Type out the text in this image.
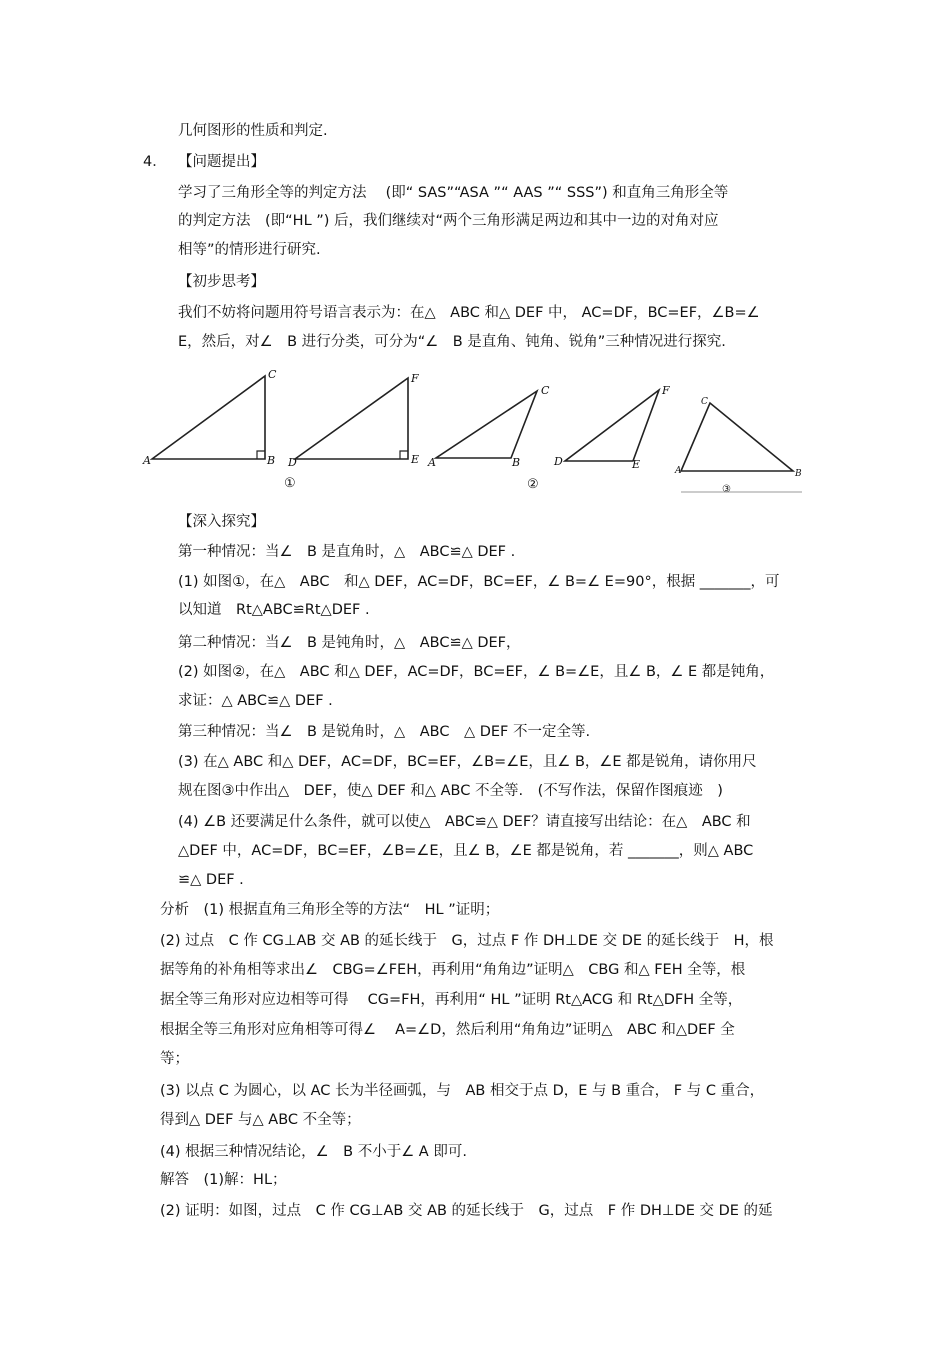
几何图形的性质和判定.
4． 【问题提出】
学习了三角形全等的判定方法　 (即“ SAS”“ASA ”“ AAS ”“ SSS”) 和直角三角形全等
的判定方法　(即“HL ”) 后，我们继续对“两个三角形满足两边和其中一边的对角对应
相等”的情形进行研究.
【初步思考】
我们不妨将问题用符号语言表示为：在△　ABC 和△ DEF 中， AC=DF，BC=EF，∠B=∠
E，然后，对∠　B 进行分类，可分为“∠　B 是直角、钝角、锐角”三种情况进行探究.
A	B
C
D	E
F
A	B
C
D	E
F
A	B
C
①	②	③
【深入探究】
第一种情况：当∠　B 是直角时，△　ABC≌△ DEF .
(1) 如图①，在△　ABC　和△ DEF，AC=DF，BC=EF，∠ B=∠ E=90°，根据 _______，可
以知道　Rt△ABC≌Rt△DEF .
第二种情况：当∠　B 是钝角时，△　ABC≌△ DEF，
(2) 如图②，在△　ABC 和△ DEF，AC=DF，BC=EF，∠ B=∠E，且∠ B，∠ E 都是钝角，
求证：△ ABC≌△ DEF .
第三种情况：当∠　B 是锐角时，△　ABC　△ DEF 不一定全等.
(3) 在△ ABC 和△ DEF，AC=DF，BC=EF，∠B=∠E，且∠ B，∠E 都是锐角，请你用尺
规在图③中作出△　DEF，使△ DEF 和△ ABC 不全等.　(不写作法，保留作图痕迹　)
(4) ∠B 还要满足什么条件，就可以使△　ABC≌△ DEF？请直接写出结论：在△　ABC 和
△DEF 中，AC=DF，BC=EF，∠B=∠E，且∠ B，∠E 都是锐角，若 _______，则△ ABC
≌△ DEF .
分析　(1) 根据直角三角形全等的方法“　HL ”证明；
(2) 过点　C 作 CG⊥AB 交 AB 的延长线于　G，过点 F 作 DH⊥DE 交 DE 的延长线于　H，根
据等角的补角相等求出∠　CBG=∠FEH，再利用“角角边”证明△　CBG 和△ FEH 全等，根
据全等三角形对应边相等可得　 CG=FH，再利用“ HL ”证明 Rt△ACG 和 Rt△DFH 全等，
根据全等三角形对应角相等可得∠　 A=∠D，然后利用“角角边”证明△　ABC 和△DEF 全
等；
(3) 以点 C 为圆心，以 AC 长为半径画弧，与　AB 相交于点 D，E 与 B 重合， F 与 C 重合，
得到△ DEF 与△ ABC 不全等；
(4) 根据三种情况结论，∠　B 不小于∠ A 即可.
解答　(1)解：HL；
(2) 证明：如图，过点　C 作 CG⊥AB 交 AB 的延长线于　G，过点　F 作 DH⊥DE 交 DE 的延
